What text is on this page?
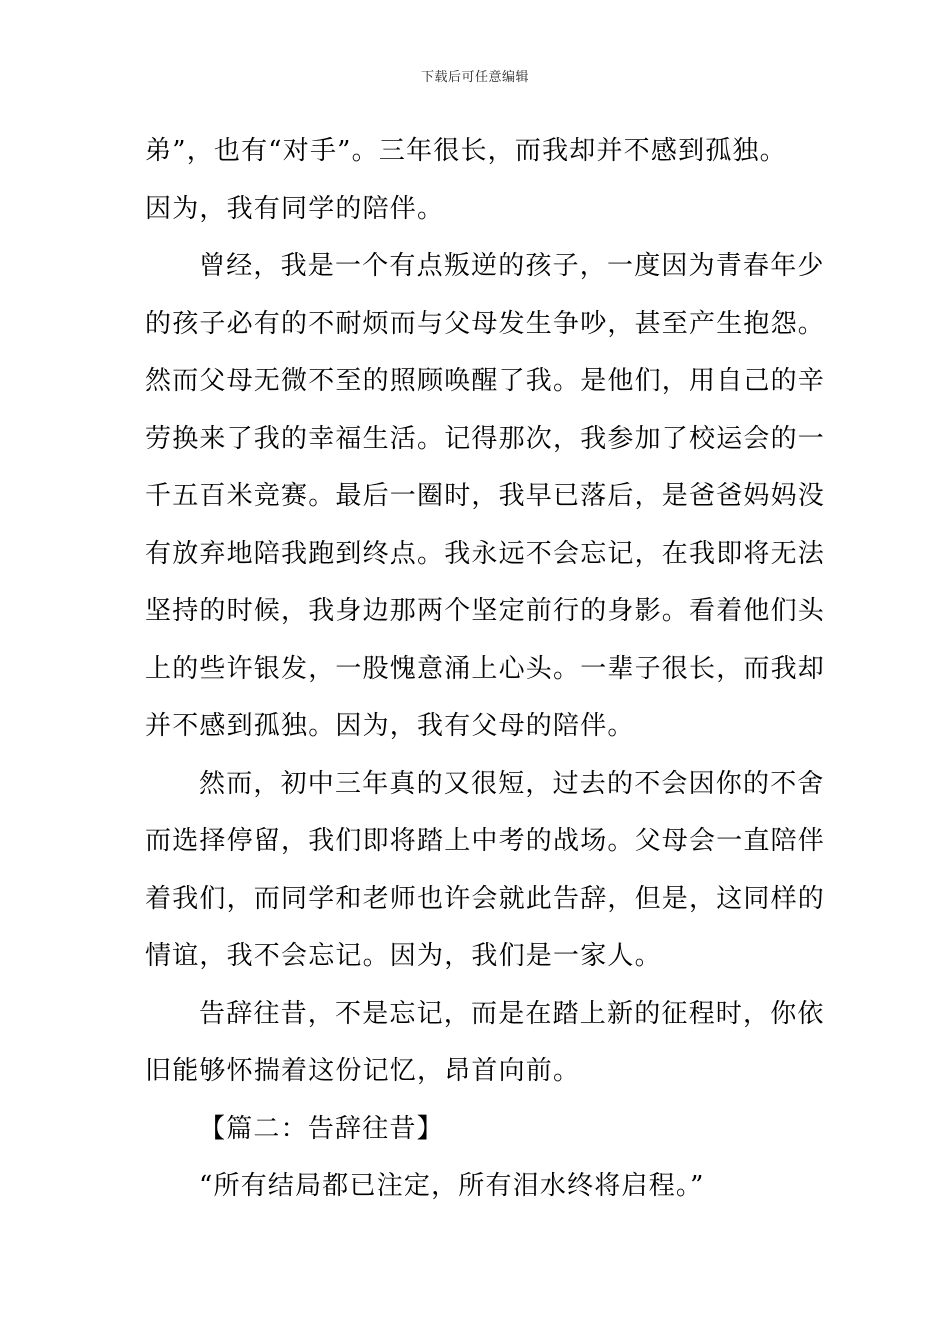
下载后可任意编辑
弟”，也有“对手”。三年很长，而我却并不感到孤独。
因为，我有同学的陪伴。
曾经，我是一个有点叛逆的孩子，一度因为青春年少
的孩子必有的不耐烦而与父母发生争吵，甚至产生抱怨。
然而父母无微不至的照顾唤醒了我。是他们，用自己的辛
劳换来了我的幸福生活。记得那次，我参加了校运会的一
千五百米竞赛。最后一圈时，我早已落后，是爸爸妈妈没
有放弃地陪我跑到终点。我永远不会忘记，在我即将无法
坚持的时候，我身边那两个坚定前行的身影。看着他们头
上的些许银发，一股愧意涌上心头。一辈子很长，而我却
并不感到孤独。因为，我有父母的陪伴。
然而，初中三年真的又很短，过去的不会因你的不舍
而选择停留，我们即将踏上中考的战场。父母会一直陪伴
着我们，而同学和老师也许会就此告辞，但是，这同样的
情谊，我不会忘记。因为，我们是一家人。
告辞往昔，不是忘记，而是在踏上新的征程时，你依
旧能够怀揣着这份记忆，昂首向前。
【篇二：告辞往昔】
“所有结局都已注定，所有泪水终将启程。”
